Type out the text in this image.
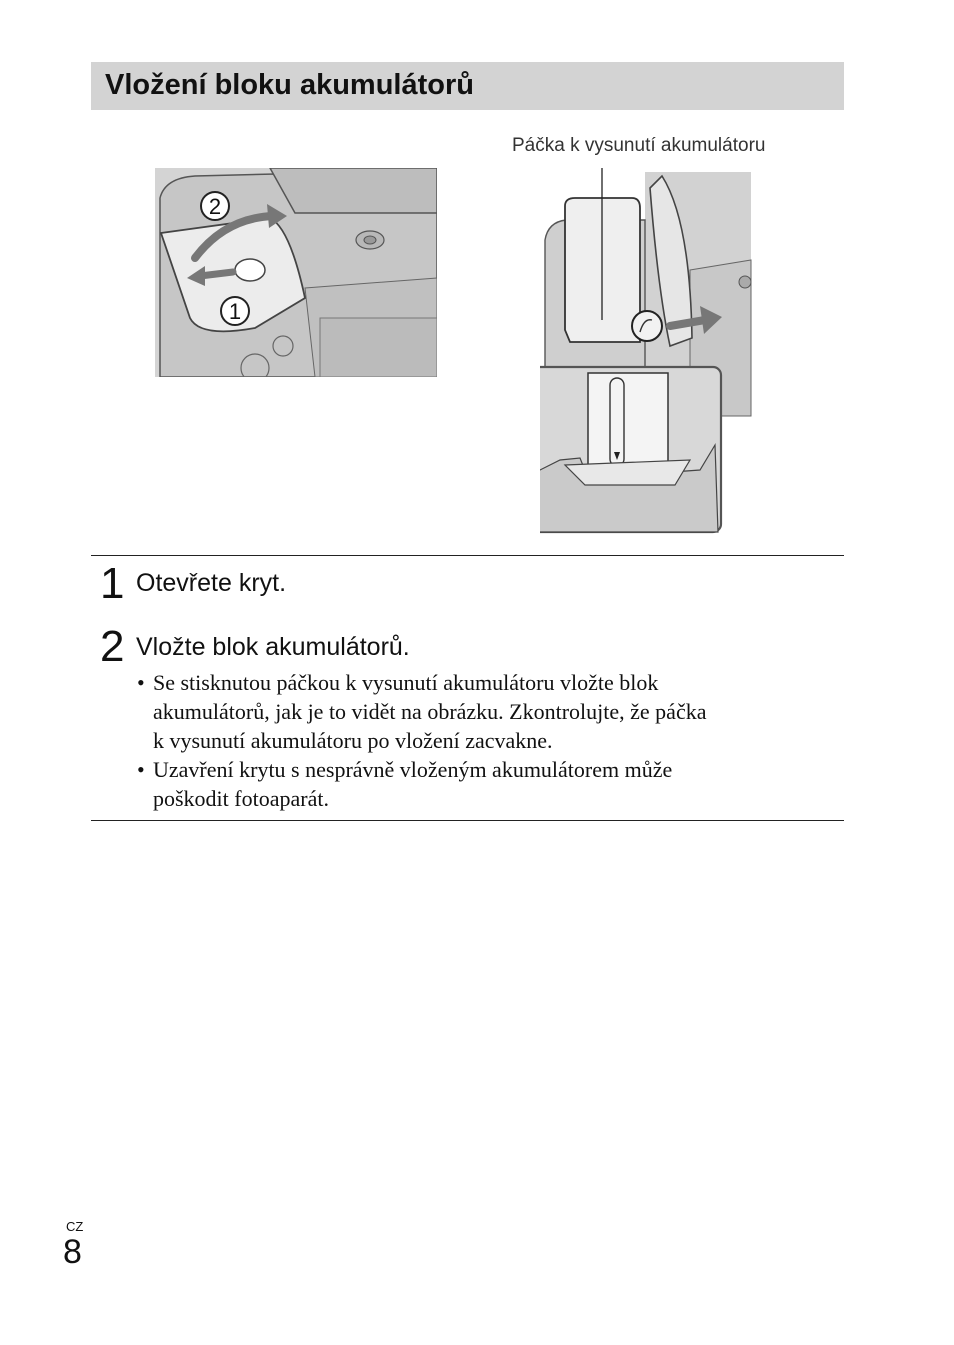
Vložení bloku akumulátorů
Páčka k vysunutí akumulátoru
2
1
1 Otevřete kryt.
2 Vložte blok akumulátorů.
• Se stisknutou páčkou k vysunutí akumulátoru vložte blok
akumulátorů, jak je to vidět na obrázku. Zkontrolujte, že páčka
k vysunutí akumulátoru po vložení zacvakne.
• Uzavření krytu s nesprávně vloženým akumulátorem může
poškodit fotoaparát.
CZ
8
